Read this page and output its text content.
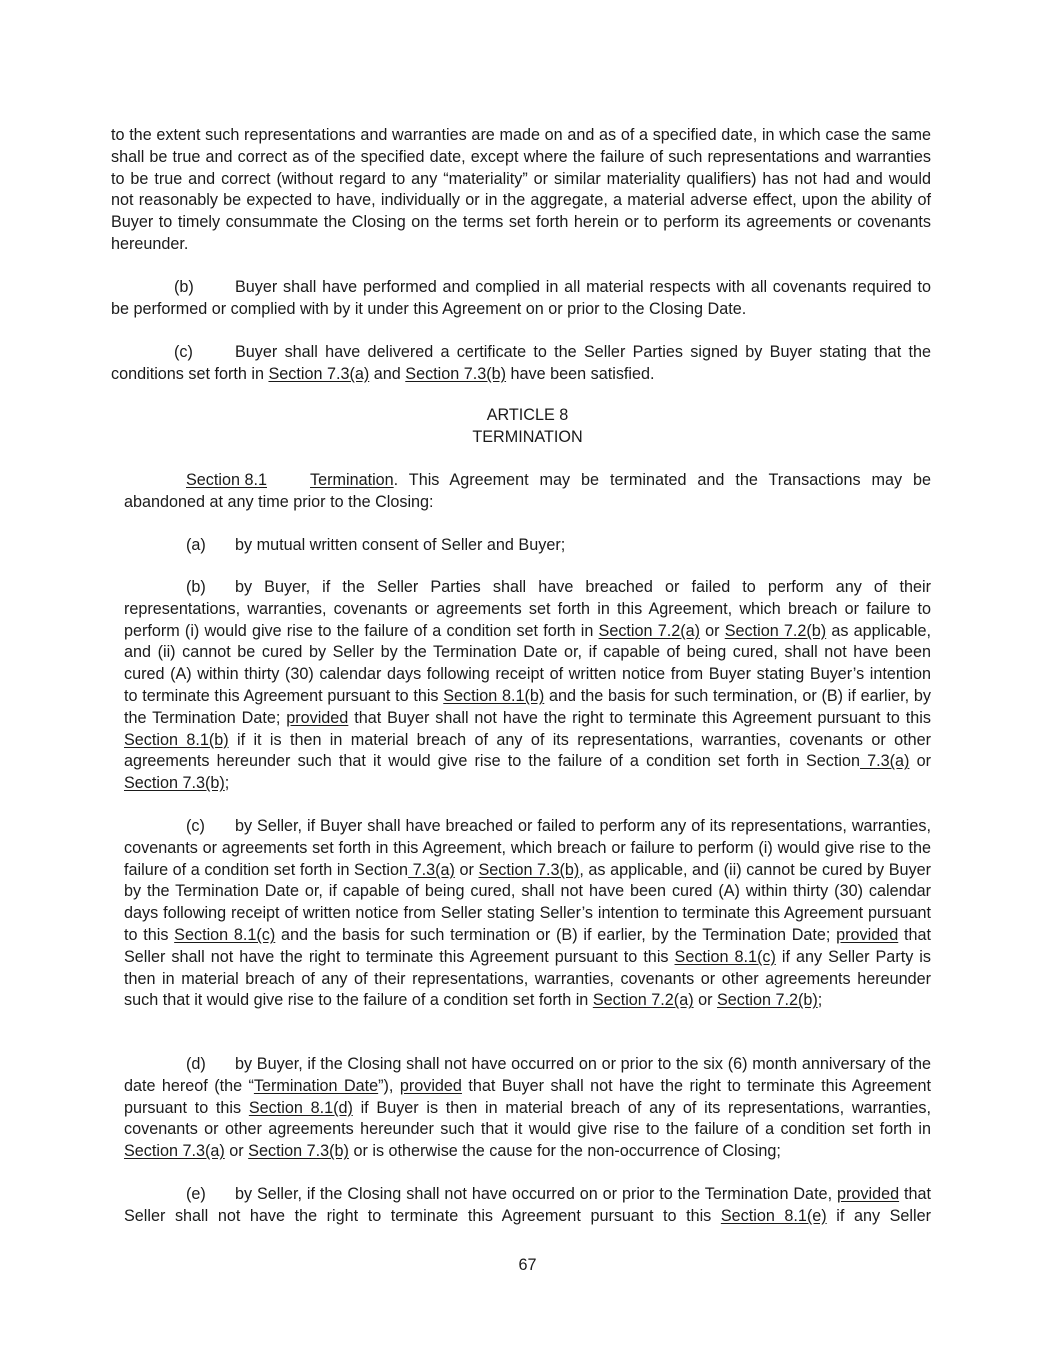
to the extent such representations and warranties are made on and as of a specified date, in which case the same shall be true and correct as of the specified date, except where the failure of such representations and warranties to be true and correct (without regard to any “materiality” or similar materiality qualifiers) has not had and would not reasonably be expected to have, individually or in the aggregate, a material adverse effect, upon the ability of Buyer to timely consummate the Closing on the terms set forth herein or to perform its agreements or covenants hereunder.

(b)	Buyer shall have performed and complied in all material respects with all covenants required to be performed or complied with by it under this Agreement on or prior to the Closing Date.

(c)	Buyer shall have delivered a certificate to the Seller Parties signed by Buyer stating that the conditions set forth in Section 7.3(a) and Section 7.3(b) have been satisfied.

ARTICLE 8
TERMINATION

Section 8.1	Termination. This Agreement may be terminated and the Transactions may be abandoned at any time prior to the Closing:

(a) by mutual written consent of Seller and Buyer;

(b) by Buyer, if the Seller Parties shall have breached or failed to perform any of their representations, warranties, covenants or agreements set forth in this Agreement, which breach or failure to perform (i) would give rise to the failure of a condition set forth in Section 7.2(a) or Section 7.2(b) as applicable, and (ii) cannot be cured by Seller by the Termination Date or, if capable of being cured, shall not have been cured (A) within thirty (30) calendar days following receipt of written notice from Buyer stating Buyer’s intention to terminate this Agreement pursuant to this Section 8.1(b) and the basis for such termination, or (B) if earlier, by the Termination Date; provided that Buyer shall not have the right to terminate this Agreement pursuant to this Section 8.1(b) if it is then in material breach of any of its representations, warranties, covenants or other agreements hereunder such that it would give rise to the failure of a condition set forth in Section 7.3(a) or Section 7.3(b);

(c) by Seller, if Buyer shall have breached or failed to perform any of its representations, warranties, covenants or agreements set forth in this Agreement, which breach or failure to perform (i) would give rise to the failure of a condition set forth in Section 7.3(a) or Section 7.3(b), as applicable, and (ii) cannot be cured by Buyer by the Termination Date or, if capable of being cured, shall not have been cured (A) within thirty (30) calendar days following receipt of written notice from Seller stating Seller’s intention to terminate this Agreement pursuant to this Section 8.1(c) and the basis for such termination or (B) if earlier, by the Termination Date; provided that Seller shall not have the right to terminate this Agreement pursuant to this Section 8.1(c) if any Seller Party is then in material breach of any of their representations, warranties, covenants or other agreements hereunder such that it would give rise to the failure of a condition set forth in Section 7.2(a) or Section 7.2(b);

(d) by Buyer, if the Closing shall not have occurred on or prior to the six (6) month anniversary of the date hereof (the “Termination Date”), provided that Buyer shall not have the right to terminate this Agreement pursuant to this Section 8.1(d) if Buyer is then in material breach of any of its representations, warranties, covenants or other agreements hereunder such that it would give rise to the failure of a condition set forth in Section 7.3(a) or Section 7.3(b) or is otherwise the cause for the non-occurrence of Closing;

(e) by Seller, if the Closing shall not have occurred on or prior to the Termination Date, provided that Seller shall not have the right to terminate this Agreement pursuant to this Section 8.1(e) if any Seller

67
